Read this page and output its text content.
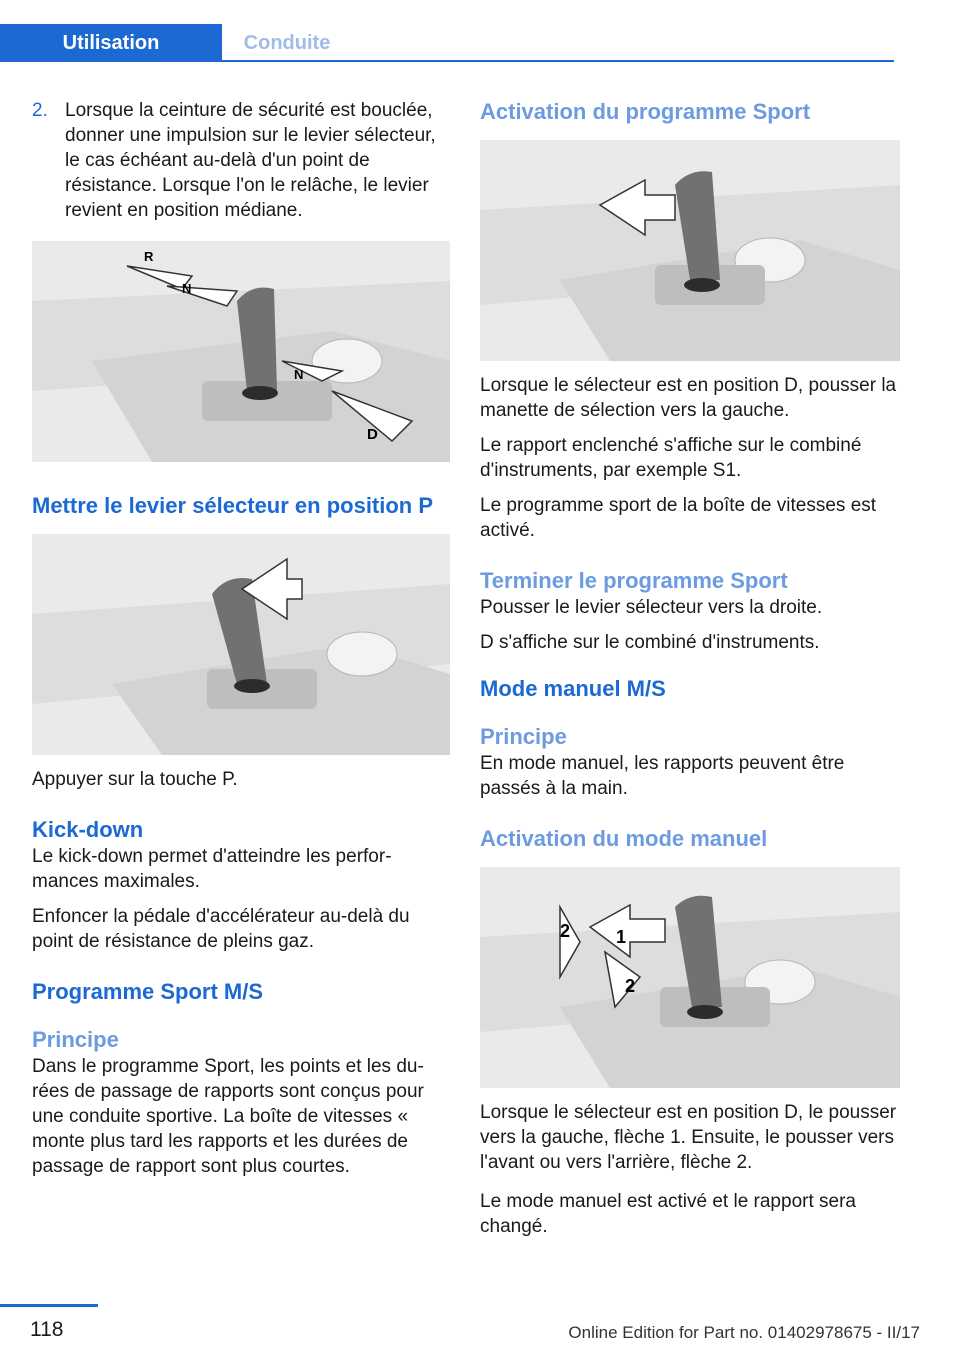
Utilisation	Conduite

2. Lorsque la ceinture de sécurité est bouclée, donner une impulsion sur le levier sélecteur, le cas échéant au-delà d'un point de résistance. Lorsque l'on le relâche, le levier revient en position médiane.

R
N
N
D
Mettre le levier sélecteur en position P

Appuyer sur la touche P.

Kick-down

Le kick-down permet d'atteindre les performances maximales.

Enfoncer la pédale d'accélérateur au-delà du point de résistance de pleins gaz.

Programme Sport M/S
Principe

Dans le programme Sport, les points et les durées de passage de rapports sont conçus pour une conduite sportive. La boîte de vitesses « monte plus tard les rapports et les durées de passage de rapport sont plus courtes.

Activation du programme Sport

Lorsque le sélecteur est en position D, pousser la manette de sélection vers la gauche.

Le rapport enclenché s'affiche sur le combiné d'instruments, par exemple S1.

Le programme sport de la boîte de vitesses est activé.

Terminer le programme Sport

Pousser le levier sélecteur vers la droite.

D s'affiche sur le combiné d'instruments.

Mode manuel M/S
Principe

En mode manuel, les rapports peuvent être passés à la main.

Activation du mode manuel
2	1
2

Lorsque le sélecteur est en position D, le pousser vers la gauche, flèche 1. Ensuite, le pousser vers l'avant ou vers l'arrière, flèche 2.

Le mode manuel est activé et le rapport sera changé.

118	Online Edition for Part no. 01402978675 - II/17
